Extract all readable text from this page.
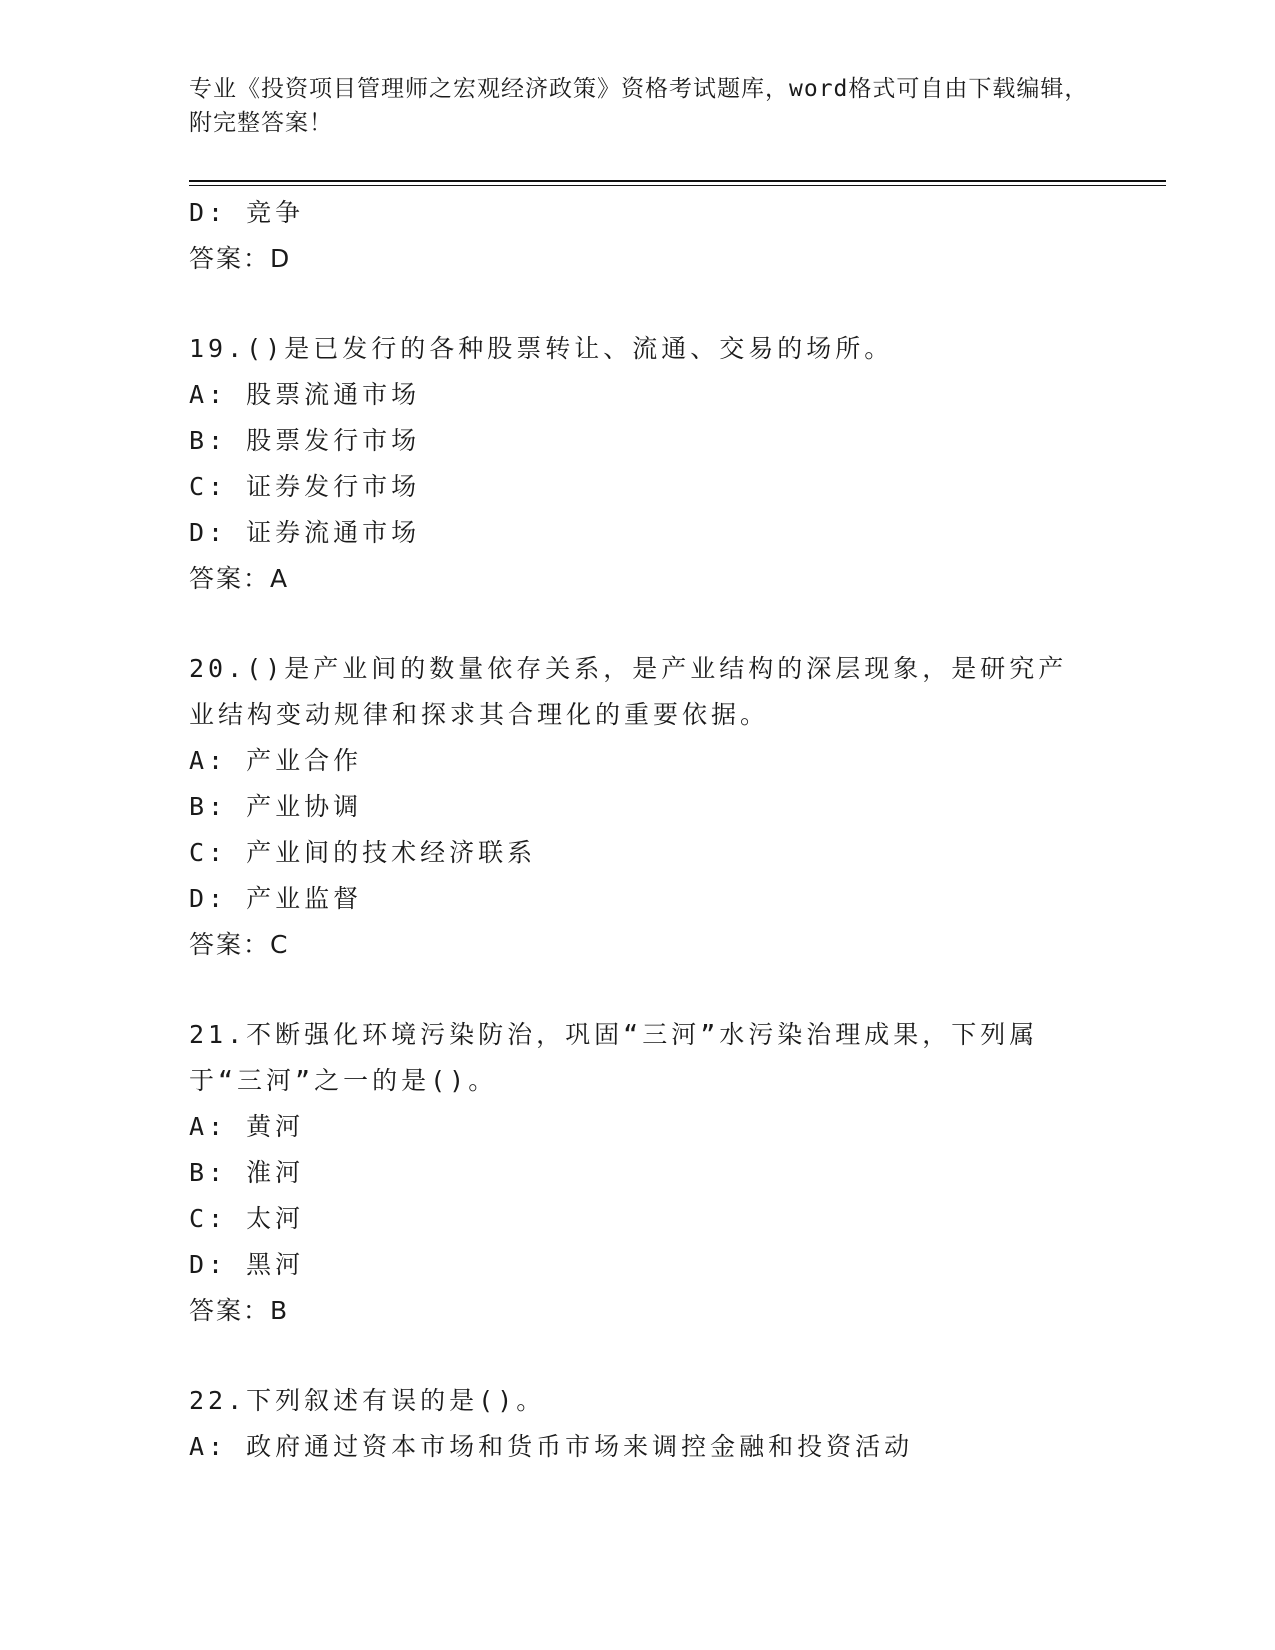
专业《投资项目管理师之宏观经济政策》资格考试题库，word格式可自由下载编辑，附完整答案！
D: 竞争
答案：D
19.()是已发行的各种股票转让、流通、交易的场所。
A: 股票流通市场
B: 股票发行市场
C: 证券发行市场
D: 证券流通市场
答案：A
20.()是产业间的数量依存关系，是产业结构的深层现象，是研究产业结构变动规律和探求其合理化的重要依据。
A: 产业合作
B: 产业协调
C: 产业间的技术经济联系
D: 产业监督
答案：C
21.不断强化环境污染防治，巩固“三河”水污染治理成果，下列属于“三河”之一的是()。
A: 黄河
B: 淮河
C: 太河
D: 黑河
答案：B
22.下列叙述有误的是()。
A: 政府通过资本市场和货币市场来调控金融和投资活动
